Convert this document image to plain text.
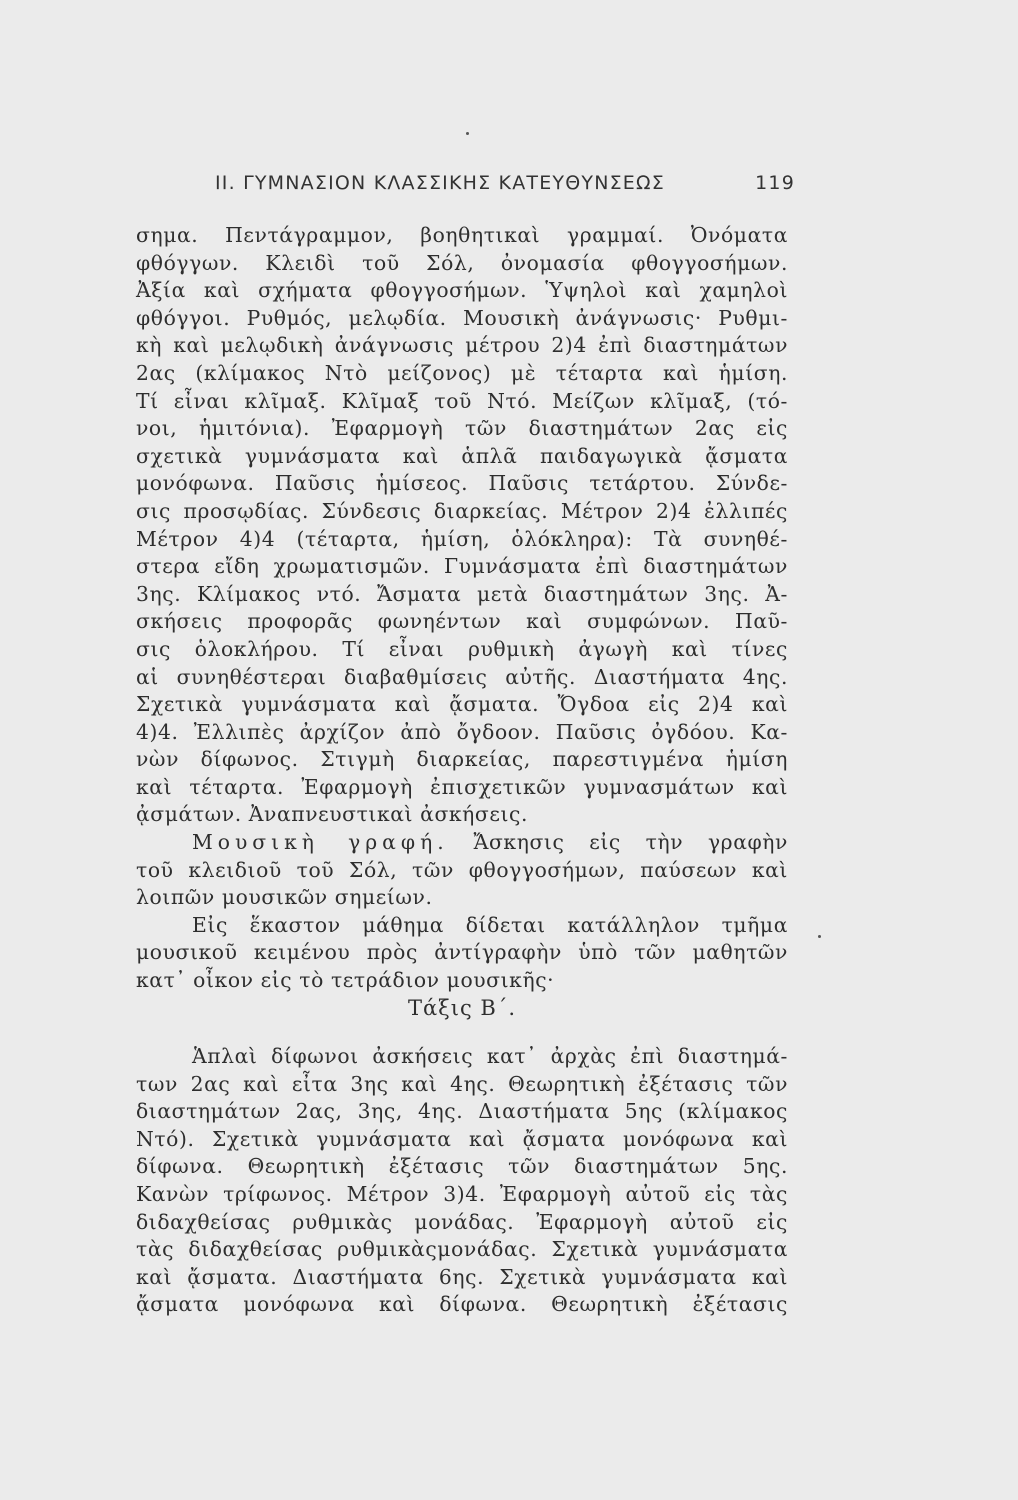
ΙΙ. ΓΥΜΝΑΣΙΟΝ ΚΛΑΣΣΙΚΗΣ ΚΑΤΕΥΘΥΝΣΕΩΣ	119
σημα. Πεντάγραμμον, βοηθητικαὶ γραμμαί. Ὀνόματα
φθόγγων. Κλειδὶ τοῦ Σόλ, ὀνομασία φθογγοσήμων.
Ἀξία καὶ σχήματα φθογγοσήμων. Ὑψηλοὶ καὶ χαμηλοὶ
φθόγγοι. Ρυθμός, μελῳδία. Μουσικὴ ἀνάγνωσις· Ρυθμι-
κὴ καὶ μελῳδικὴ ἀνάγνωσις μέτρου 2)4 ἐπὶ διαστημάτων
2ας (κλίμακος Ντὸ μείζονος) μὲ τέταρτα καὶ ἡμίση.
Τί εἶναι κλῖμαξ. Κλῖμαξ τοῦ Ντό. Μείζων κλῖμαξ, (τό-
νοι, ἡμιτόνια). Ἐφαρμογὴ τῶν διαστημάτων 2ας εἰς
σχετικὰ γυμνάσματα καὶ ἁπλᾶ παιδαγωγικὰ ᾄσματα
μονόφωνα. Παῦσις ἡμίσεος. Παῦσις τετάρτου. Σύνδε-
σις προσῳδίας. Σύνδεσις διαρκείας. Μέτρον 2)4 ἐλλιπές
Μέτρον 4)4 (τέταρτα, ἡμίση, ὁλόκληρα): Τὰ συνηθέ-
στερα εἴδη χρωματισμῶν. Γυμνάσματα ἐπὶ διαστημάτων
3ης. Κλίμακος ντό. Ἄσματα μετὰ διαστημάτων 3ης. Ἀ-
σκήσεις προφορᾶς φωνηέντων καὶ συμφώνων. Παῦ-
σις ὁλοκλήρου. Τί εἶναι ρυθμικὴ ἀγωγὴ καὶ τίνες
αἱ συνηθέστεραι διαβαθμίσεις αὐτῆς. Διαστήματα 4ης.
Σχετικὰ γυμνάσματα καὶ ᾄσματα. Ὄγδοα εἰς 2)4 καὶ
4)4. Ἐλλιπὲς ἀρχίζον ἀπὸ ὄγδοον. Παῦσις ὀγδόου. Κα-
νὼν δίφωνος. Στιγμὴ διαρκείας, παρεστιγμένα ἡμίση
καὶ τέταρτα. Ἐφαρμογὴ ἐπισχετικῶν γυμνασμάτων καὶ
ᾀσμάτων. Ἀναπνευστικαὶ ἀσκήσεις.
Μουσικὴ γραφή. Ἄσκησις εἰς τὴν γραφὴν
τοῦ κλειδιοῦ τοῦ Σόλ, τῶν φθογγοσήμων, παύσεων καὶ
λοιπῶν μουσικῶν σημείων.
Εἰς ἕκαστον μάθημα δίδεται κατάλληλον τμῆμα
μουσικοῦ κειμένου πρὸς ἀντίγραφὴν ὑπὸ τῶν μαθητῶν
κατ᾽ οἶκον εἰς τὸ τετράδιον μουσικῆς·
Τάξις Β΄.
Ἁπλαὶ δίφωνοι ἀσκήσεις κατ᾽ ἀρχὰς ἐπὶ διαστημά-
των 2ας καὶ εἶτα 3ης καὶ 4ης. Θεωρητικὴ ἐξέτασις τῶν
διαστημάτων 2ας, 3ης, 4ης. Διαστήματα 5ης (κλίμακος
Ντό). Σχετικὰ γυμνάσματα καὶ ᾄσματα μονόφωνα καὶ
δίφωνα. Θεωρητικὴ ἐξέτασις τῶν διαστημάτων 5ης.
Κανὼν τρίφωνος. Μέτρον 3)4. Ἐφαρμογὴ αὐτοῦ εἰς τὰς
διδαχθείσας ρυθμικὰς μονάδας. Ἐφαρμογὴ αὐτοῦ εἰς
τὰς διδαχθείσας ρυθμικὰςμονάδας. Σχετικὰ γυμνάσματα
καὶ ᾄσματα. Διαστήματα 6ης. Σχετικὰ γυμνάσματα καὶ
ᾄσματα μονόφωνα καὶ δίφωνα. Θεωρητικὴ ἐξέτασις
